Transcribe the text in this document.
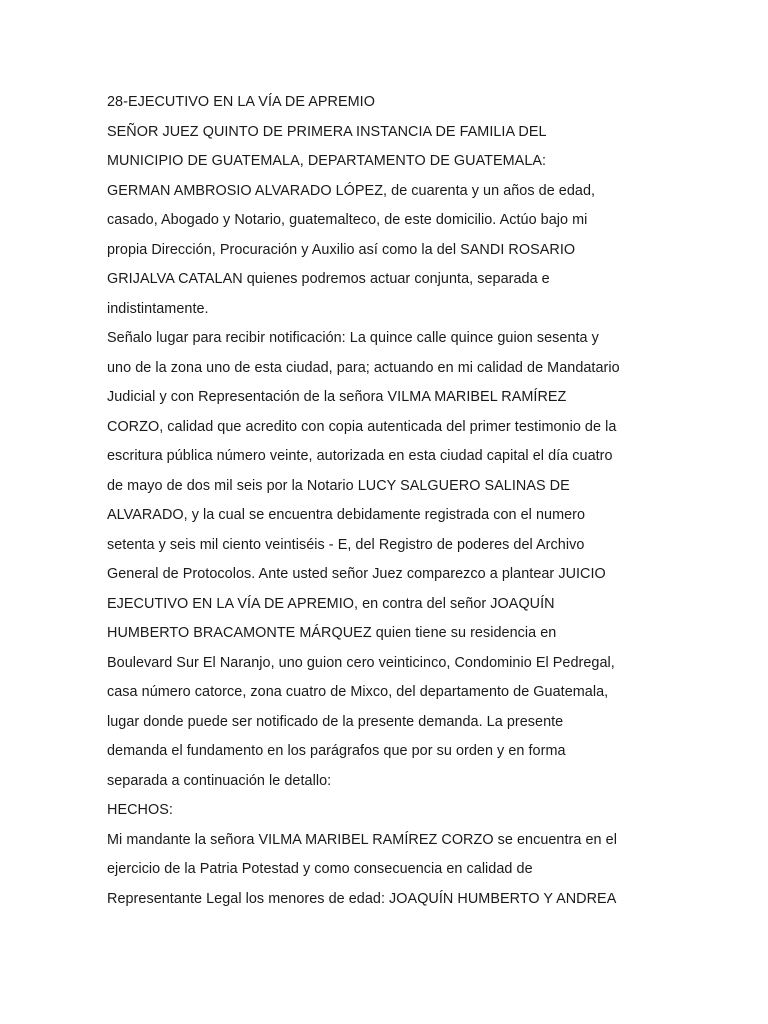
28-EJECUTIVO EN LA VÍA DE APREMIO
SEÑOR JUEZ QUINTO DE PRIMERA INSTANCIA DE FAMILIA DEL
MUNICIPIO DE GUATEMALA, DEPARTAMENTO DE GUATEMALA:
GERMAN AMBROSIO ALVARADO LÓPEZ, de cuarenta y un años de edad,
casado, Abogado y Notario, guatemalteco, de este domicilio. Actúo bajo mi
propia Dirección, Procuración y Auxilio así como la del SANDI ROSARIO
GRIJALVA CATALAN quienes podremos actuar conjunta, separada e
indistintamente.
Señalo lugar para recibir notificación: La quince calle quince guion sesenta y
uno de la zona uno de esta ciudad, para; actuando en mi calidad de Mandatario
Judicial y con Representación de la señora VILMA MARIBEL RAMÍREZ
CORZO, calidad que acredito con copia autenticada del primer testimonio de la
escritura pública número veinte, autorizada en esta ciudad capital el día cuatro
de mayo de dos mil seis por la Notario LUCY SALGUERO SALINAS DE
ALVARADO, y la cual se encuentra debidamente registrada con el numero
setenta y seis mil ciento veintiséis - E, del Registro de poderes del Archivo
General de Protocolos. Ante usted señor Juez comparezco a plantear JUICIO
EJECUTIVO EN LA VÍA DE APREMIO, en contra del señor JOAQUÍN
HUMBERTO BRACAMONTE MÁRQUEZ quien tiene su residencia en
Boulevard Sur El Naranjo, uno guion cero veinticinco, Condominio El Pedregal,
casa número catorce, zona cuatro de Mixco, del departamento de Guatemala,
lugar donde puede ser notificado de la presente demanda. La presente
demanda el fundamento en los parágrafos que por su orden y en forma
separada a continuación le detallo:
HECHOS:
Mi mandante la señora VILMA MARIBEL RAMÍREZ CORZO se encuentra en el
ejercicio de la Patria Potestad y como consecuencia en calidad de
Representante Legal los menores de edad: JOAQUÍN HUMBERTO Y ANDREA
